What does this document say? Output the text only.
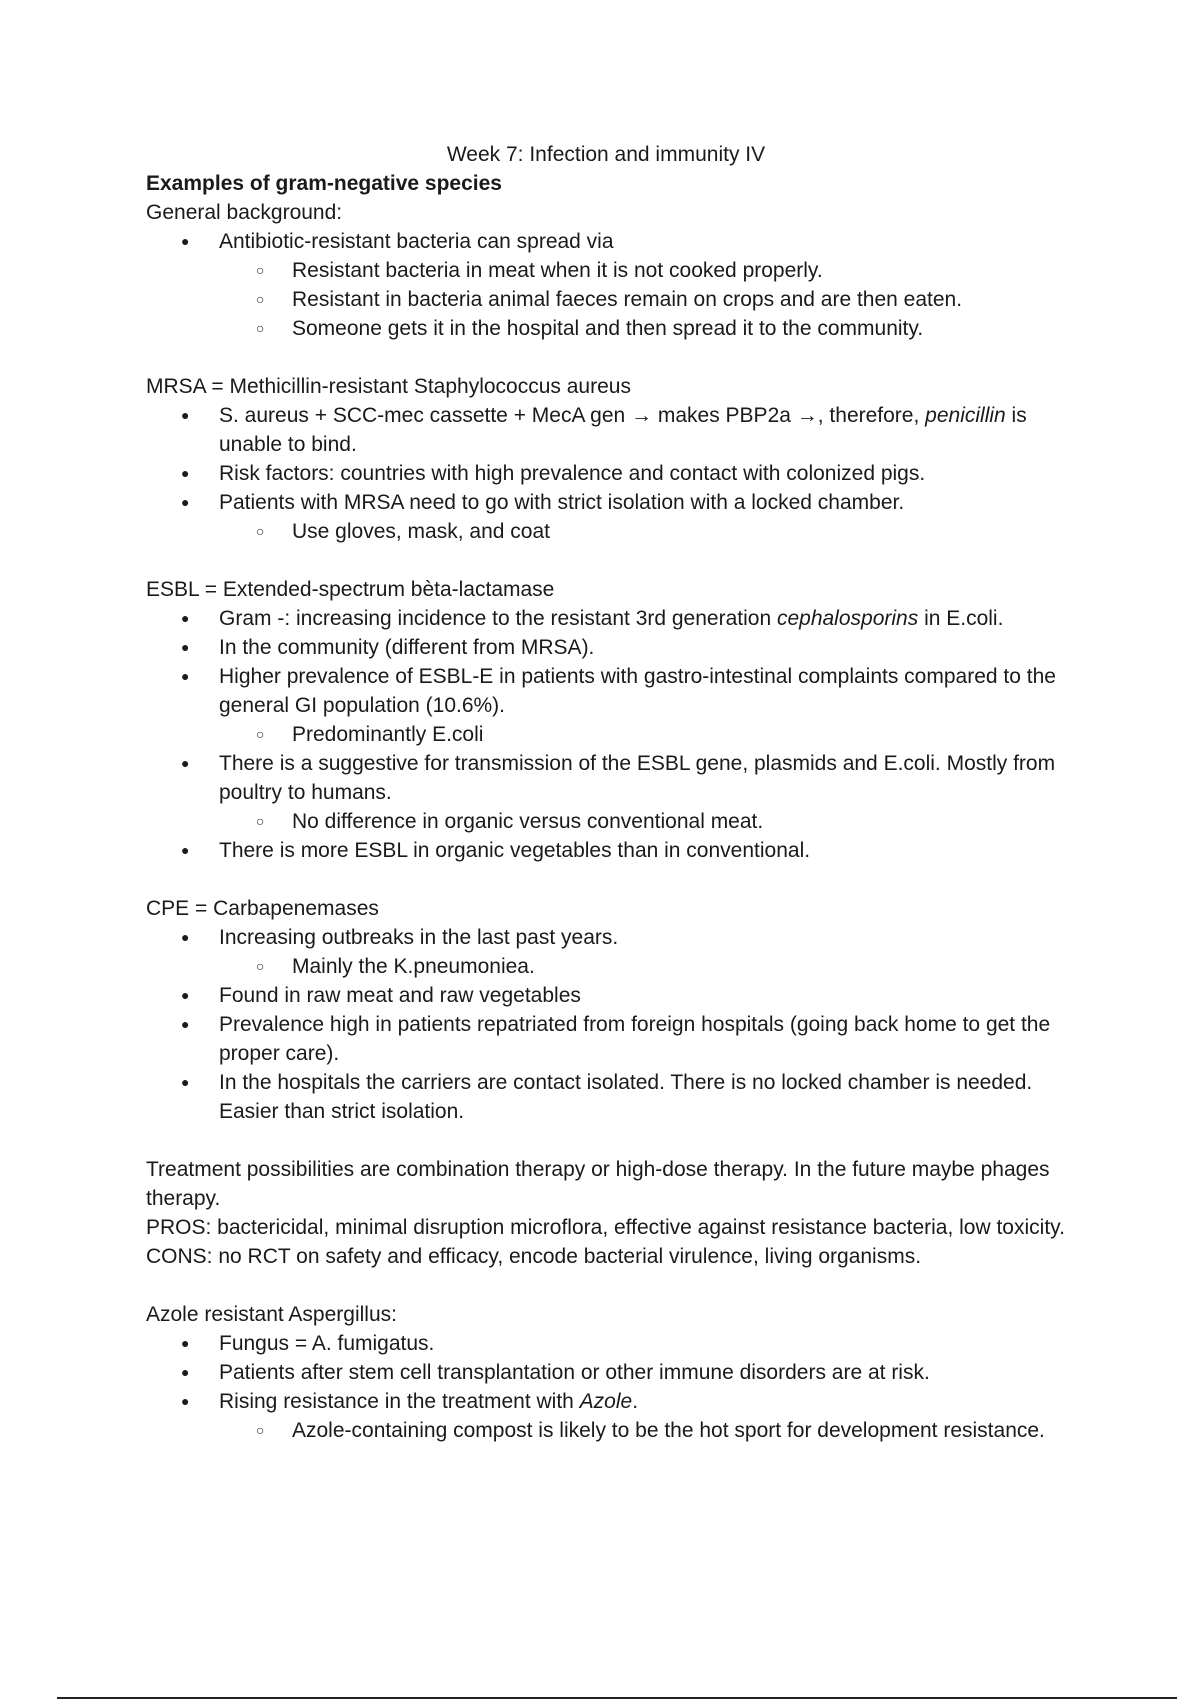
Week 7: Infection and immunity IV

Examples of gram-negative species

General background:

● Antibiotic-resistant bacteria can spread via
○ Resistant bacteria in meat when it is not cooked properly.
○ Resistant in bacteria animal faeces remain on crops and are then eaten.
○ Someone gets it in the hospital and then spread it to the community.

MRSA = Methicillin-resistant Staphylococcus aureus

● S. aureus + SCC-mec cassette + MecA gen → makes PBP2a →, therefore, penicillin is unable to bind.
● Risk factors: countries with high prevalence and contact with colonized pigs.
● Patients with MRSA need to go with strict isolation with a locked chamber.
○ Use gloves, mask, and coat

ESBL = Extended-spectrum bèta-lactamase

● Gram -: increasing incidence to the resistant 3rd generation cephalosporins in E.coli.
● In the community (different from MRSA).
● Higher prevalence of ESBL-E in patients with gastro-intestinal complaints compared to the general GI population (10.6%).
○ Predominantly E.coli
● There is a suggestive for transmission of the ESBL gene, plasmids and E.coli. Mostly from poultry to humans.
○ No difference in organic versus conventional meat.
● There is more ESBL in organic vegetables than in conventional.

CPE = Carbapenemases

● Increasing outbreaks in the last past years.
○ Mainly the K.pneumoniea.
● Found in raw meat and raw vegetables
● Prevalence high in patients repatriated from foreign hospitals (going back home to get the proper care).
● In the hospitals the carriers are contact isolated. There is no locked chamber is needed. Easier than strict isolation.

Treatment possibilities are combination therapy or high-dose therapy. In the future maybe phages therapy.

PROS: bactericidal, minimal disruption microflora, effective against resistance bacteria, low toxicity.

CONS: no RCT on safety and efficacy, encode bacterial virulence, living organisms.

Azole resistant Aspergillus:

● Fungus = A. fumigatus.
● Patients after stem cell transplantation or other immune disorders are at risk.
● Rising resistance in the treatment with Azole.
○ Azole-containing compost is likely to be the hot sport for development resistance.
